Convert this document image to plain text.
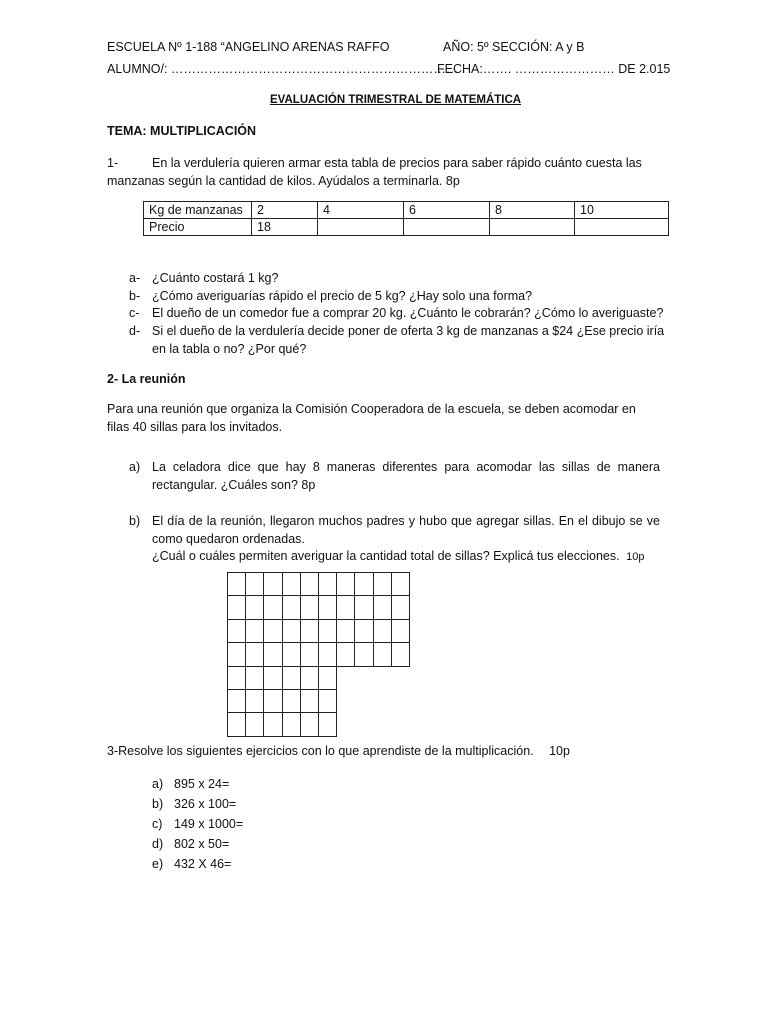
ESCUELA Nº 1-188 “ANGELINO ARENAS RAFFO	AÑO: 5º SECCIÓN: A y B
ALUMNO/: ……………………………………………………………
FECHA:……. …………………… DE 2.015
EVALUACIÓN TRIMESTRAL DE MATEMÁTICA
TEMA: MULTIPLICACIÓN
1-	En la verdulería quieren armar esta tabla de precios para saber rápido cuánto cuesta las
manzanas según la cantidad de kilos. Ayúdalos a terminarla. 8p
Kg de manzanas	2	4	6	8	10
Precio	18				
a- ¿Cuánto costará 1 kg?
b- ¿Cómo averiguarías rápido el precio de 5 kg? ¿Hay solo una forma?
c- El dueño de un comedor fue a comprar 20 kg. ¿Cuánto le cobrarán? ¿Cómo lo averiguaste?
d- Si el dueño de la verdulería decide poner de oferta 3 kg de manzanas a $24 ¿Ese precio iría
en la tabla o no? ¿Por qué?
2- La reunión
Para una reunión que organiza la Comisión Cooperadora de la escuela, se deben acomodar en
filas 40 sillas para los invitados.
a) La celadora dice que hay 8 maneras diferentes para acomodar las sillas de manera
rectangular. ¿Cuáles son? 8p
b) El día de la reunión, llegaron muchos padres y hubo que agregar sillas. En el dibujo se ve
como quedaron ordenadas.
¿Cuál o cuáles permiten averiguar la cantidad total de sillas? Explicá tus elecciones. 10p
3-Resolve los siguientes ejercicios con lo que aprendiste de la multiplicación. 10p
a) 895 x 24=
b) 326 x 100=
c) 149 x 1000=
d) 802 x 50=
e) 432 X 46=
